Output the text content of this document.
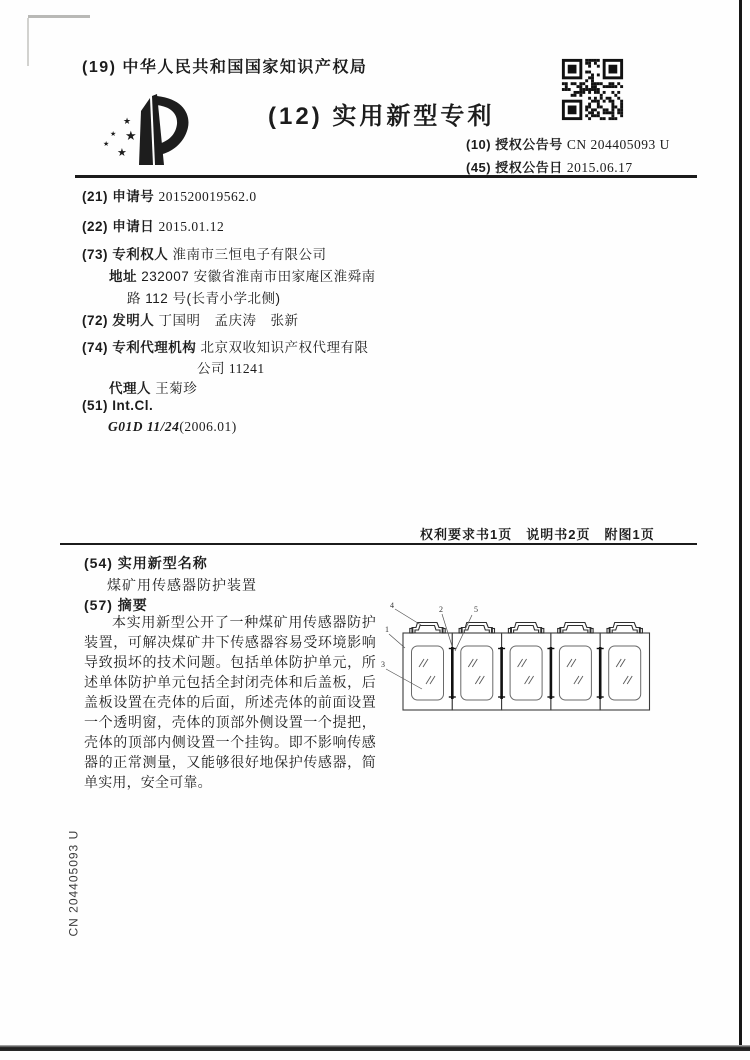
(19) 中华人民共和国国家知识产权局
★
★
★
★
★
(12) 实用新型专利
(10) 授权公告号 CN 204405093 U
(45) 授权公告日 2015.06.17
(21) 申请号 201520019562.0
(22) 申请日 2015.01.12
(73) 专利权人 淮南市三恒电子有限公司
地址 232007 安徽省淮南市田家庵区淮舜南
路 112 号(长青小学北侧)
(72) 发明人 丁国明　孟庆涛　张新
(74) 专利代理机构 北京双收知识产权代理有限
公司 11241
代理人 王菊珍
(51) Int.Cl.
G01D 11/24(2006.01)
权利要求书1页　说明书2页　附图1页
(54) 实用新型名称
煤矿用传感器防护装置
(57) 摘要
本实用新型公开了一种煤矿用传感器防护装置，可解决煤矿井下传感器容易受环境影响导致损坏的技术问题。包括单体防护单元，所述单体防护单元包括全封闭壳体和后盖板，后盖板设置在壳体的后面，所述壳体的前面设置一个透明窗，壳体的顶部外侧设置一个提把，壳体的顶部内侧设置一个挂钩。即不影响传感器的正常测量，又能够很好地保护传感器，简单实用，安全可靠。
4	2	5
1
3
CN 204405093 U
